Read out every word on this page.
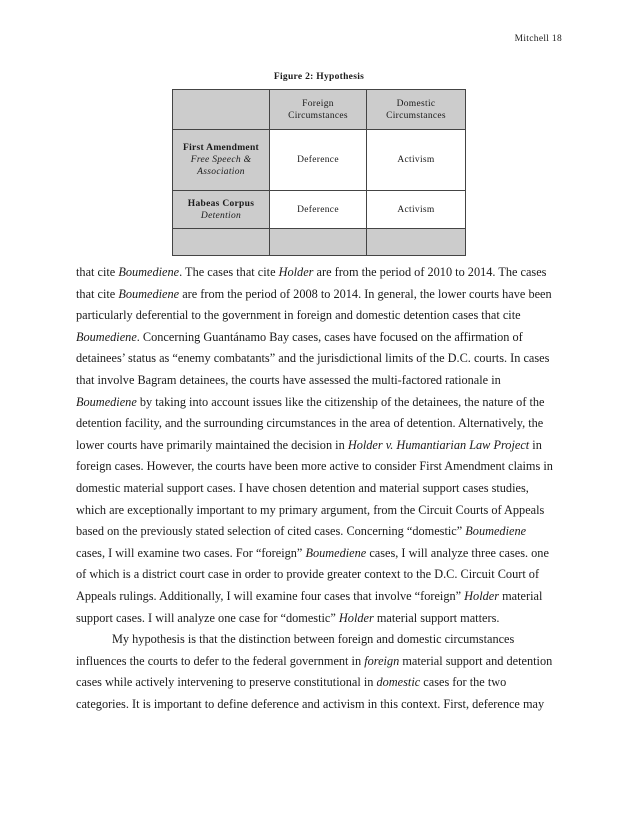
Mitchell 18
Figure 2: Hypothesis
	Foreign Circumstances	Domestic Circumstances

First Amendment
Free Speech & Association	Deference	Activism

Habeas Corpus
Detention	Deference	Activism

that cite Boumediene. The cases that cite Holder are from the period of 2010 to 2014. The cases
that cite Boumediene are from the period of 2008 to 2014. In general, the lower courts have been
particularly deferential to the government in foreign and domestic detention cases that cite
Boumediene. Concerning Guantánamo Bay cases, cases have focused on the affirmation of
detainees’ status as “enemy combatants” and the jurisdictional limits of the D.C. courts. In cases
that involve Bagram detainees, the courts have assessed the multi-factored rationale in
Boumediene by taking into account issues like the citizenship of the detainees, the nature of the
detention facility, and the surrounding circumstances in the area of detention. Alternatively, the
lower courts have primarily maintained the decision in Holder v. Humantiarian Law Project in
foreign cases. However, the courts have been more active to consider First Amendment claims in
domestic material support cases. I have chosen detention and material support cases studies,
which are exceptionally important to my primary argument, from the Circuit Courts of Appeals
based on the previously stated selection of cited cases. Concerning “domestic” Boumediene
cases, I will examine two cases. For “foreign” Boumediene cases, I will analyze three cases. one
of which is a district court case in order to provide greater context to the D.C. Circuit Court of
Appeals rulings. Additionally, I will examine four cases that involve “foreign” Holder material
support cases. I will analyze one case for “domestic” Holder material support matters.
My hypothesis is that the distinction between foreign and domestic circumstances
influences the courts to defer to the federal government in foreign material support and detention
cases while actively intervening to preserve constitutional in domestic cases for the two
categories. It is important to define deference and activism in this context. First, deference may
